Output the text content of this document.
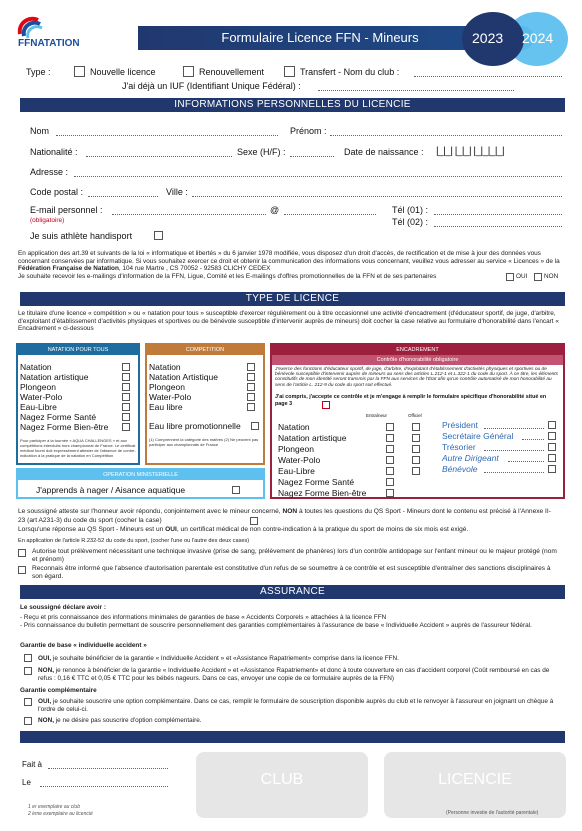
FFNATATION	Formulaire Licence FFN - Mineurs	2023 2024
Type :	Nouvelle licence	Renouvellement	Transfert - Nom du club :
J'ai déjà un IUF (Identifiant Unique Fédéral) :
INFORMATIONS PERSONNELLES DU LICENCIE
Nom	Prénom :
Nationalité :	Sexe (H/F) :	Date de naissance : |_|_| |_|_| |_|_|_|_|
Adresse :
Code postal :	Ville :
E-mail personnel :	@
(obligatoire)
Tél (01) :
Tél (02) :
Je suis athlète handisport
En application des art.39 et suivants de la loi « informatique et libertés » du 6 janvier 1978 modifiée, vous disposez d'un droit d'accès, de rectification et de mise à jour des données vous concernant conservées par informatique. Si vous souhaitez exercer ce droit et obtenir la communication des informations vous concernant, veuillez vous adresser au service « Licences » de la Fédération Française de Natation, 104 rue Martre , CS 70052 - 92583 CLICHY CEDEX
Je souhaite recevoir les e-mailings d'information de la FFN, Ligue, Comité et les E-mailings d'offres promotionnelles de la FFN et de ses partenaires	OUI	NON
TYPE DE LICENCE
Le titulaire d'une licence « compétition » ou « natation pour tous » susceptible d'exercer régulièrement ou à titre occasionnel une activité d'encadrement (d'éducateur sportif, de juge, d'arbitre, d'exploitant d'établissement d'activités physiques et sportives ou de bénévole susceptible d'intervenir auprès de mineurs) doit cocher la case relative au formulaire d'honorabilité dans l'encart « Encadrement » ci-dessous
NATATION POUR TOUS
Natation
Natation artistique
Plongeon
Water-Polo
Eau-Libre
Nagez Forme Santé
Nagez Forme Bien-être
Pour participer à la tournée « AQUA CHALLENGES » et aux compétitions interclubs hors championnat de France. Le certificat médical fourni doit expressément attester de l'absence de contre-indication à la pratique de la natation en Compétition
COMPETITION
Natation
Natation Artistique
Plongeon
Water-Polo
Eau libre
Eau libre promotionnelle
(1) Comprennent la catégorie des maîtres (2) Ne peuvent pas participer aux championnats de France
ENCADREMENT
Contrôle d'honorabilité obligatoire
J'exerce des fonctions d'éducateur sportif, de juge, d'arbitre, d'exploitant d'établissement d'activités physiques et sportives ou de bénévole susceptible d'intervenir auprès de mineurs au sens des articles L.212-1 et L.322-1 du code du sport. À ce titre, les éléments constitutifs de mon identité seront transmis par la FFN aux services de l'État afin qu'un contrôle automatisé de mon honorabilité au sens de l'article L. 212-9 du code du sport soit effectué.
J'ai compris, j'accepte ce contrôle et je m'engage à remplir le formulaire spécifique d'honorabilité situé en page 3
Entraîneur	Officiel
Natation
Natation artistique
Plongeon
Water-Polo
Eau-Libre
Nagez Forme Santé
Nagez Forme Bien-être
Président
Secrétaire Général
Trésorier
Autre Dirigeant
Bénévole
OPERATION MINISTERIELLE
J'apprends à nager / Aisance aquatique
Le soussigné atteste sur l'honneur avoir répondu, conjointement avec le mineur concerné, NON à toutes les questions du QS Sport - Mineurs dont le contenu est précisé à l'Annexe II-23 (art A231-3) du code du sport (cocher la case)
Lorsqu'une réponse au QS Sport - Mineurs est un OUI, un certificat médical de non contre-indication à la pratique du sport de moins de six mois est exigé.
En application de l'article R.232-52 du code du sport, (cocher l'une ou l'autre des deux cases)
Autorise tout prélèvement nécessitant une technique invasive (prise de sang, prélèvement de phanères) lors d'un contrôle antidopage sur l'enfant mineur ou le majeur protégé (nom et prénom)
Reconnais être informé que l'absence d'autorisation parentale est constitutive d'un refus de se soumettre à ce contrôle et est susceptible d'entraîner des sanctions disciplinaires à son égard.
ASSURANCE
Le soussigné déclare avoir :
- Reçu et pris connaissance des informations minimales de garanties de base « Accidents Corporels » attachées à la licence FFN
- Pris connaissance du bulletin permettant de souscrire personnellement des garanties complémentaires à l'assurance de base « Individuelle Accident » auprès de l'assureur fédéral.
Garantie de base « individuelle accident »
OUI, je souhaite bénéficier de la garantie « Individuelle Accident » et «Assistance Rapatriement» comprise dans la licence FFN.
NON, je renonce à bénéficier de la garantie « Individuelle Accident » et «Assistance Rapatriement» et donc à toute couverture en cas d'accident corporel (Coût remboursé en cas de refus : 0,16 € TTC et 0,05 € TTC pour les bébés nageurs. Dans ce cas, envoyer une copie de ce formulaire auprès de la FFN)
Garantie complémentaire
OUI, je souhaite souscrire une option complémentaire. Dans ce cas, remplir le formulaire de souscription disponible auprès du club et le renvoyer à l'assureur en joignant un chèque à l'ordre de celui-ci.
NON, je ne désire pas souscrire d'option complémentaire.
Fait à
Le	CLUB	LICENCIE
1 er exemplaire au club
2 ème exemplaire au licencié	(Personne investie de l'autorité parentale)
